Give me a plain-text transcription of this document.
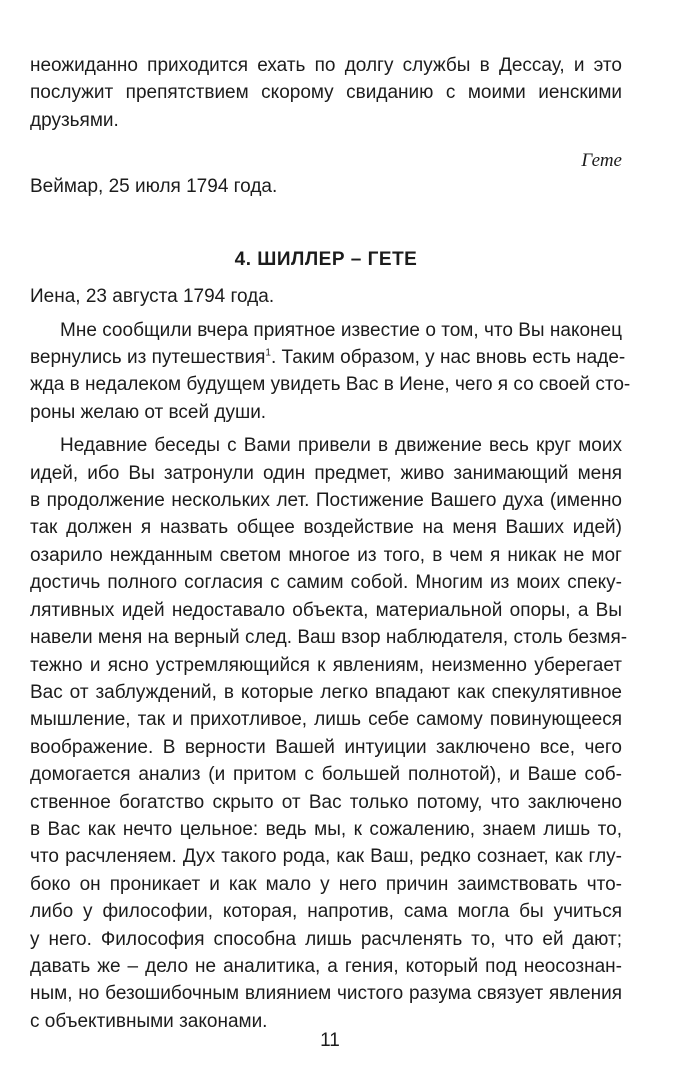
неожиданно приходится ехать по долгу службы в Дессау, и это
послужит препятствием скорому свиданию с моими иенскими
друзьями.
Гете
Веймар, 25 июля 1794 года.
4. ШИЛЛЕР – ГЕТЕ
Иена, 23 августа 1794 года.
Мне сообщили вчера приятное известие о том, что Вы наконец
вернулись из путешествия$^1$. Таким образом, у нас вновь есть наде-
жда в недалеком будущем увидеть Вас в Иене, чего я со своей сто-
роны желаю от всей души.
Недавние беседы с Вами привели в движение весь круг моих
идей, ибо Вы затронули один предмет, живо занимающий меня
в продолжение нескольких лет. Постижение Вашего духа (именно
так должен я назвать общее воздействие на меня Ваших идей)
озарило нежданным светом многое из того, в чем я никак не мог
достичь полного согласия с самим собой. Многим из моих спеку-
лятивных идей недоставало объекта, материальной опоры, а Вы
навели меня на верный след. Ваш взор наблюдателя, столь безмя-
тежно и ясно устремляющийся к явлениям, неизменно уберегает
Вас от заблуждений, в которые легко впадают как спекулятивное
мышление, так и прихотливое, лишь себе самому повинующееся
воображение. В верности Вашей интуиции заключено все, чего
домогается анализ (и притом с большей полнотой), и Ваше соб-
ственное богатство скрыто от Вас только потому, что заключено
в Вас как нечто цельное: ведь мы, к сожалению, знаем лишь то,
что расчленяем. Дух такого рода, как Ваш, редко сознает, как глу-
боко он проникает и как мало у него причин заимствовать что-
либо у философии, которая, напротив, сама могла бы учиться
у него. Философия способна лишь расчленять то, что ей дают;
давать же – дело не аналитика, а гения, который под неосознан-
ным, но безошибочным влиянием чистого разума связует явления
с объективными законами.
11
